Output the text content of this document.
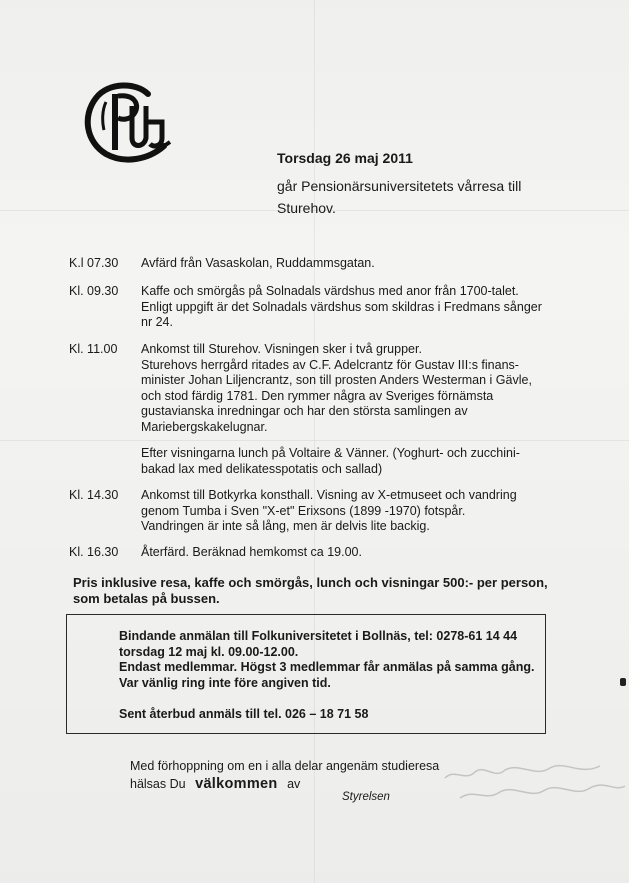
Torsdag 26 maj 2011

går Pensionärsuniversitetets vårresa till

Sturehov.

K.l 07.30	Avfärd från Vasaskolan, Ruddammsgatan.
Kl. 09.30	Kaffe och smörgås på Solnadals värdshus med anor från 1700-talet.
Enligt uppgift är det Solnadals värdshus som skildras i Fredmans sånger
nr 24.
Kl. 11.00	Ankomst till Sturehov. Visningen sker i två grupper.
Sturehovs herrgård ritades av C.F. Adelcrantz för Gustav III:s finans-
minister Johan Liljencrantz, son till prosten Anders Westerman i Gävle,
och stod färdig 1781. Den rymmer några av Sveriges förnämsta
gustavianska inredningar och har den största samlingen av
Mariebergskakelugnar.
Efter visningarna lunch på Voltaire & Vänner. (Yoghurt- och zucchini-
bakad lax med delikatesspotatis och sallad)
Kl. 14.30	Ankomst till Botkyrka konsthall. Visning av X-etmuseet och vandring
genom Tumba i Sven "X-et" Erixsons (1899 -1970) fotspår.
Vandringen är inte så lång, men är delvis lite backig.
Kl. 16.30	Återfärd. Beräknad hemkomst ca 19.00.
Pris inklusive resa, kaffe och smörgås, lunch och visningar 500:- per person,
som betalas på bussen.
Bindande anmälan till Folkuniversitetet i Bollnäs, tel: 0278-61 14 44
torsdag 12 maj kl. 09.00-12.00.
Endast medlemmar. Högst 3 medlemmar får anmälas på samma gång.
Var vänlig ring inte före angiven tid.
Sent återbud anmäls till tel. 026 – 18 71 58
Med förhoppning om en i alla delar angenäm studieresa
hälsas Du välkommen av
Styrelsen
